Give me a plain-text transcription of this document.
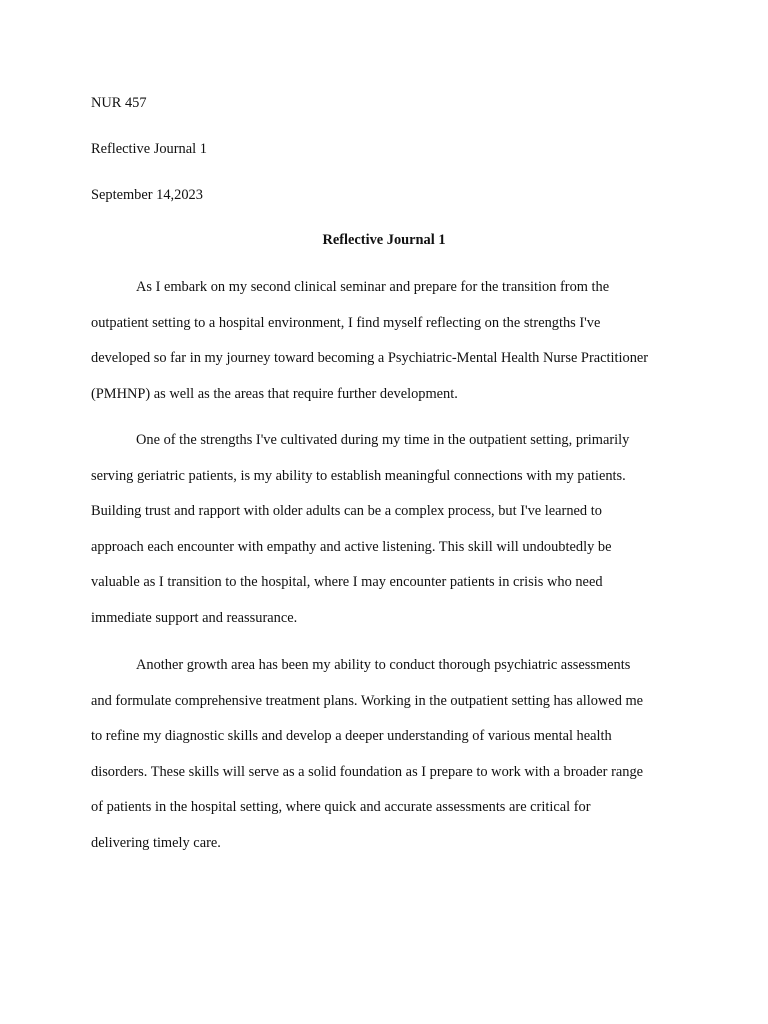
NUR 457
Reflective Journal 1
September 14,2023
Reflective Journal 1
As I embark on my second clinical seminar and prepare for the transition from the
outpatient setting to a hospital environment, I find myself reflecting on the strengths I've
developed so far in my journey toward becoming a Psychiatric-Mental Health Nurse Practitioner
(PMHNP) as well as the areas that require further development.
One of the strengths I've cultivated during my time in the outpatient setting, primarily
serving geriatric patients, is my ability to establish meaningful connections with my patients.
Building trust and rapport with older adults can be a complex process, but I've learned to
approach each encounter with empathy and active listening. This skill will undoubtedly be
valuable as I transition to the hospital, where I may encounter patients in crisis who need
immediate support and reassurance.
Another growth area has been my ability to conduct thorough psychiatric assessments
and formulate comprehensive treatment plans. Working in the outpatient setting has allowed me
to refine my diagnostic skills and develop a deeper understanding of various mental health
disorders. These skills will serve as a solid foundation as I prepare to work with a broader range
of patients in the hospital setting, where quick and accurate assessments are critical for
delivering timely care.
